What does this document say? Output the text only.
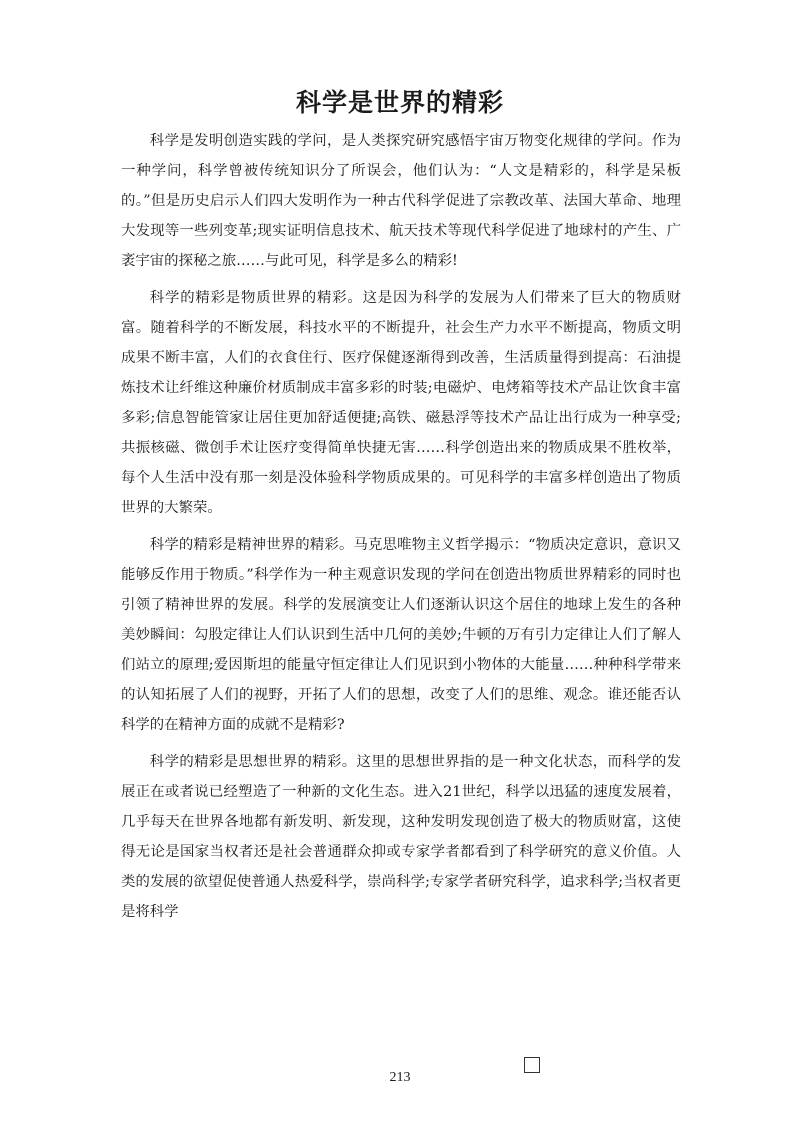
科学是世界的精彩

科学是发明创造实践的学问，是人类探究研究感悟宇宙万物变化规律的学问。作为一种学问，科学曾被传统知识分了所误会，他们认为：“人文是精彩的，科学是呆板的。”但是历史启示人们四大发明作为一种古代科学促进了宗教改革、法国大革命、地理大发现等一些列变革;现实证明信息技术、航天技术等现代科学促进了地球村的产生、广袤宇宙的探秘之旅……与此可见，科学是多么的精彩!

科学的精彩是物质世界的精彩。这是因为科学的发展为人们带来了巨大的物质财富。随着科学的不断发展，科技水平的不断提升，社会生产力水平不断提高，物质文明成果不断丰富，人们的衣食住行、医疗保健逐渐得到改善，生活质量得到提高：石油提炼技术让纤维这种廉价材质制成丰富多彩的时装;电磁炉、电烤箱等技术产品让饮食丰富多彩;信息智能管家让居住更加舒适便捷;高铁、磁悬浮等技术产品让出行成为一种享受;共振核磁、微创手术让医疗变得简单快捷无害……科学创造出来的物质成果不胜枚举，每个人生活中没有那一刻是没体验科学物质成果的。可见科学的丰富多样创造出了物质世界的大繁荣。

科学的精彩是精神世界的精彩。马克思唯物主义哲学揭示：“物质决定意识，意识又能够反作用于物质。”科学作为一种主观意识发现的学问在创造出物质世界精彩的同时也引领了精神世界的发展。科学的发展演变让人们逐渐认识这个居住的地球上发生的各种美妙瞬间：勾股定律让人们认识到生活中几何的美妙;牛顿的万有引力定律让人们了解人们站立的原理;爱因斯坦的能量守恒定律让人们见识到小物体的大能量……种种科学带来的认知拓展了人们的视野，开拓了人们的思想，改变了人们的思维、观念。谁还能否认科学的在精神方面的成就不是精彩?

科学的精彩是思想世界的精彩。这里的思想世界指的是一种文化状态，而科学的发展正在或者说已经塑造了一种新的文化生态。进入21世纪，科学以迅猛的速度发展着，几乎每天在世界各地都有新发明、新发现，这种发明发现创造了极大的物质财富，这使得无论是国家当权者还是社会普通群众抑或专家学者都看到了科学研究的意义价值。人类的发展的欲望促使普通人热爱科学，崇尚科学;专家学者研究科学，追求科学;当权者更是将科学

213
